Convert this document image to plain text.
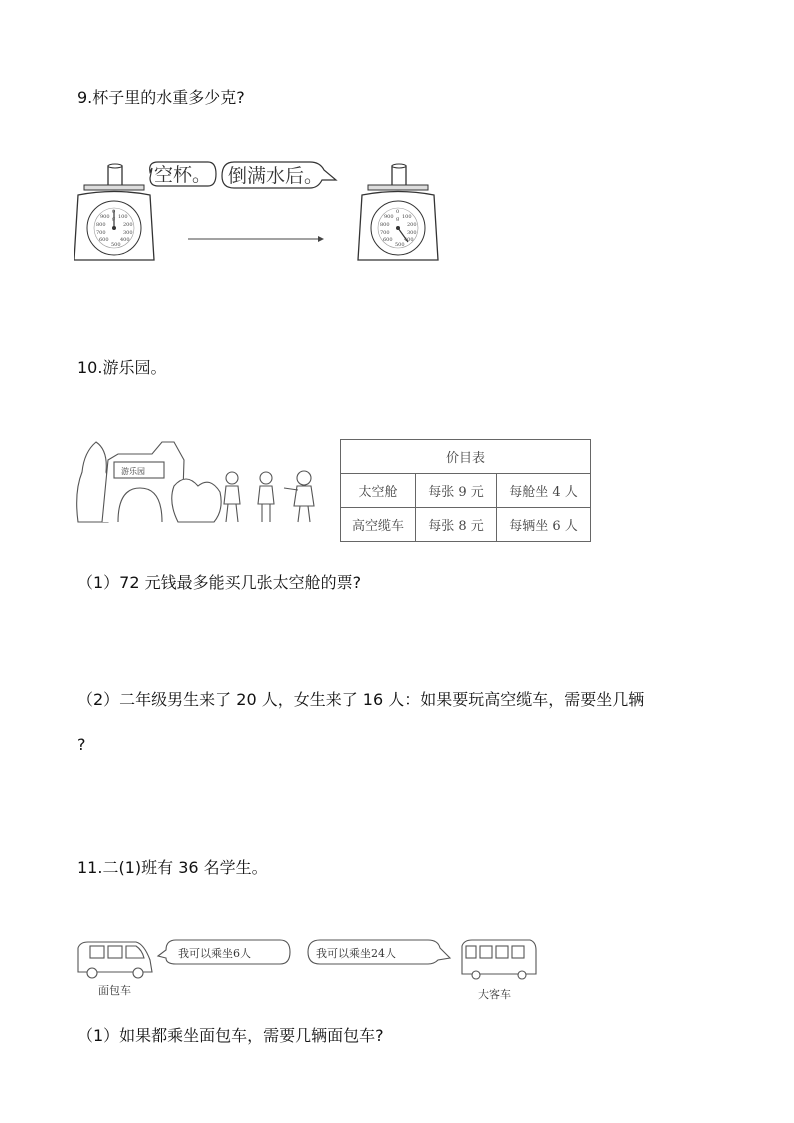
9.杯子里的水重多少克?
0
100
200
300
400
500
600
700
800
900 g
空杯。 倒满水后。
0
100
200
300
400
500
600
700
800
900 g
10.游乐园。
游乐园
价目表		
太空舱	每张 9 元	每舱坐 4 人
高空缆车	每张 8 元	每辆坐 6 人
（1）72 元钱最多能买几张太空舱的票?
（2）二年级男生来了 20 人，女生来了 16 人：如果要玩高空缆车，需要坐几辆
?
11.二(1)班有 36 名学生。
面包车
我可以乘坐6人	我可以乘坐24人
大客车
（1）如果都乘坐面包车，需要几辆面包车?
